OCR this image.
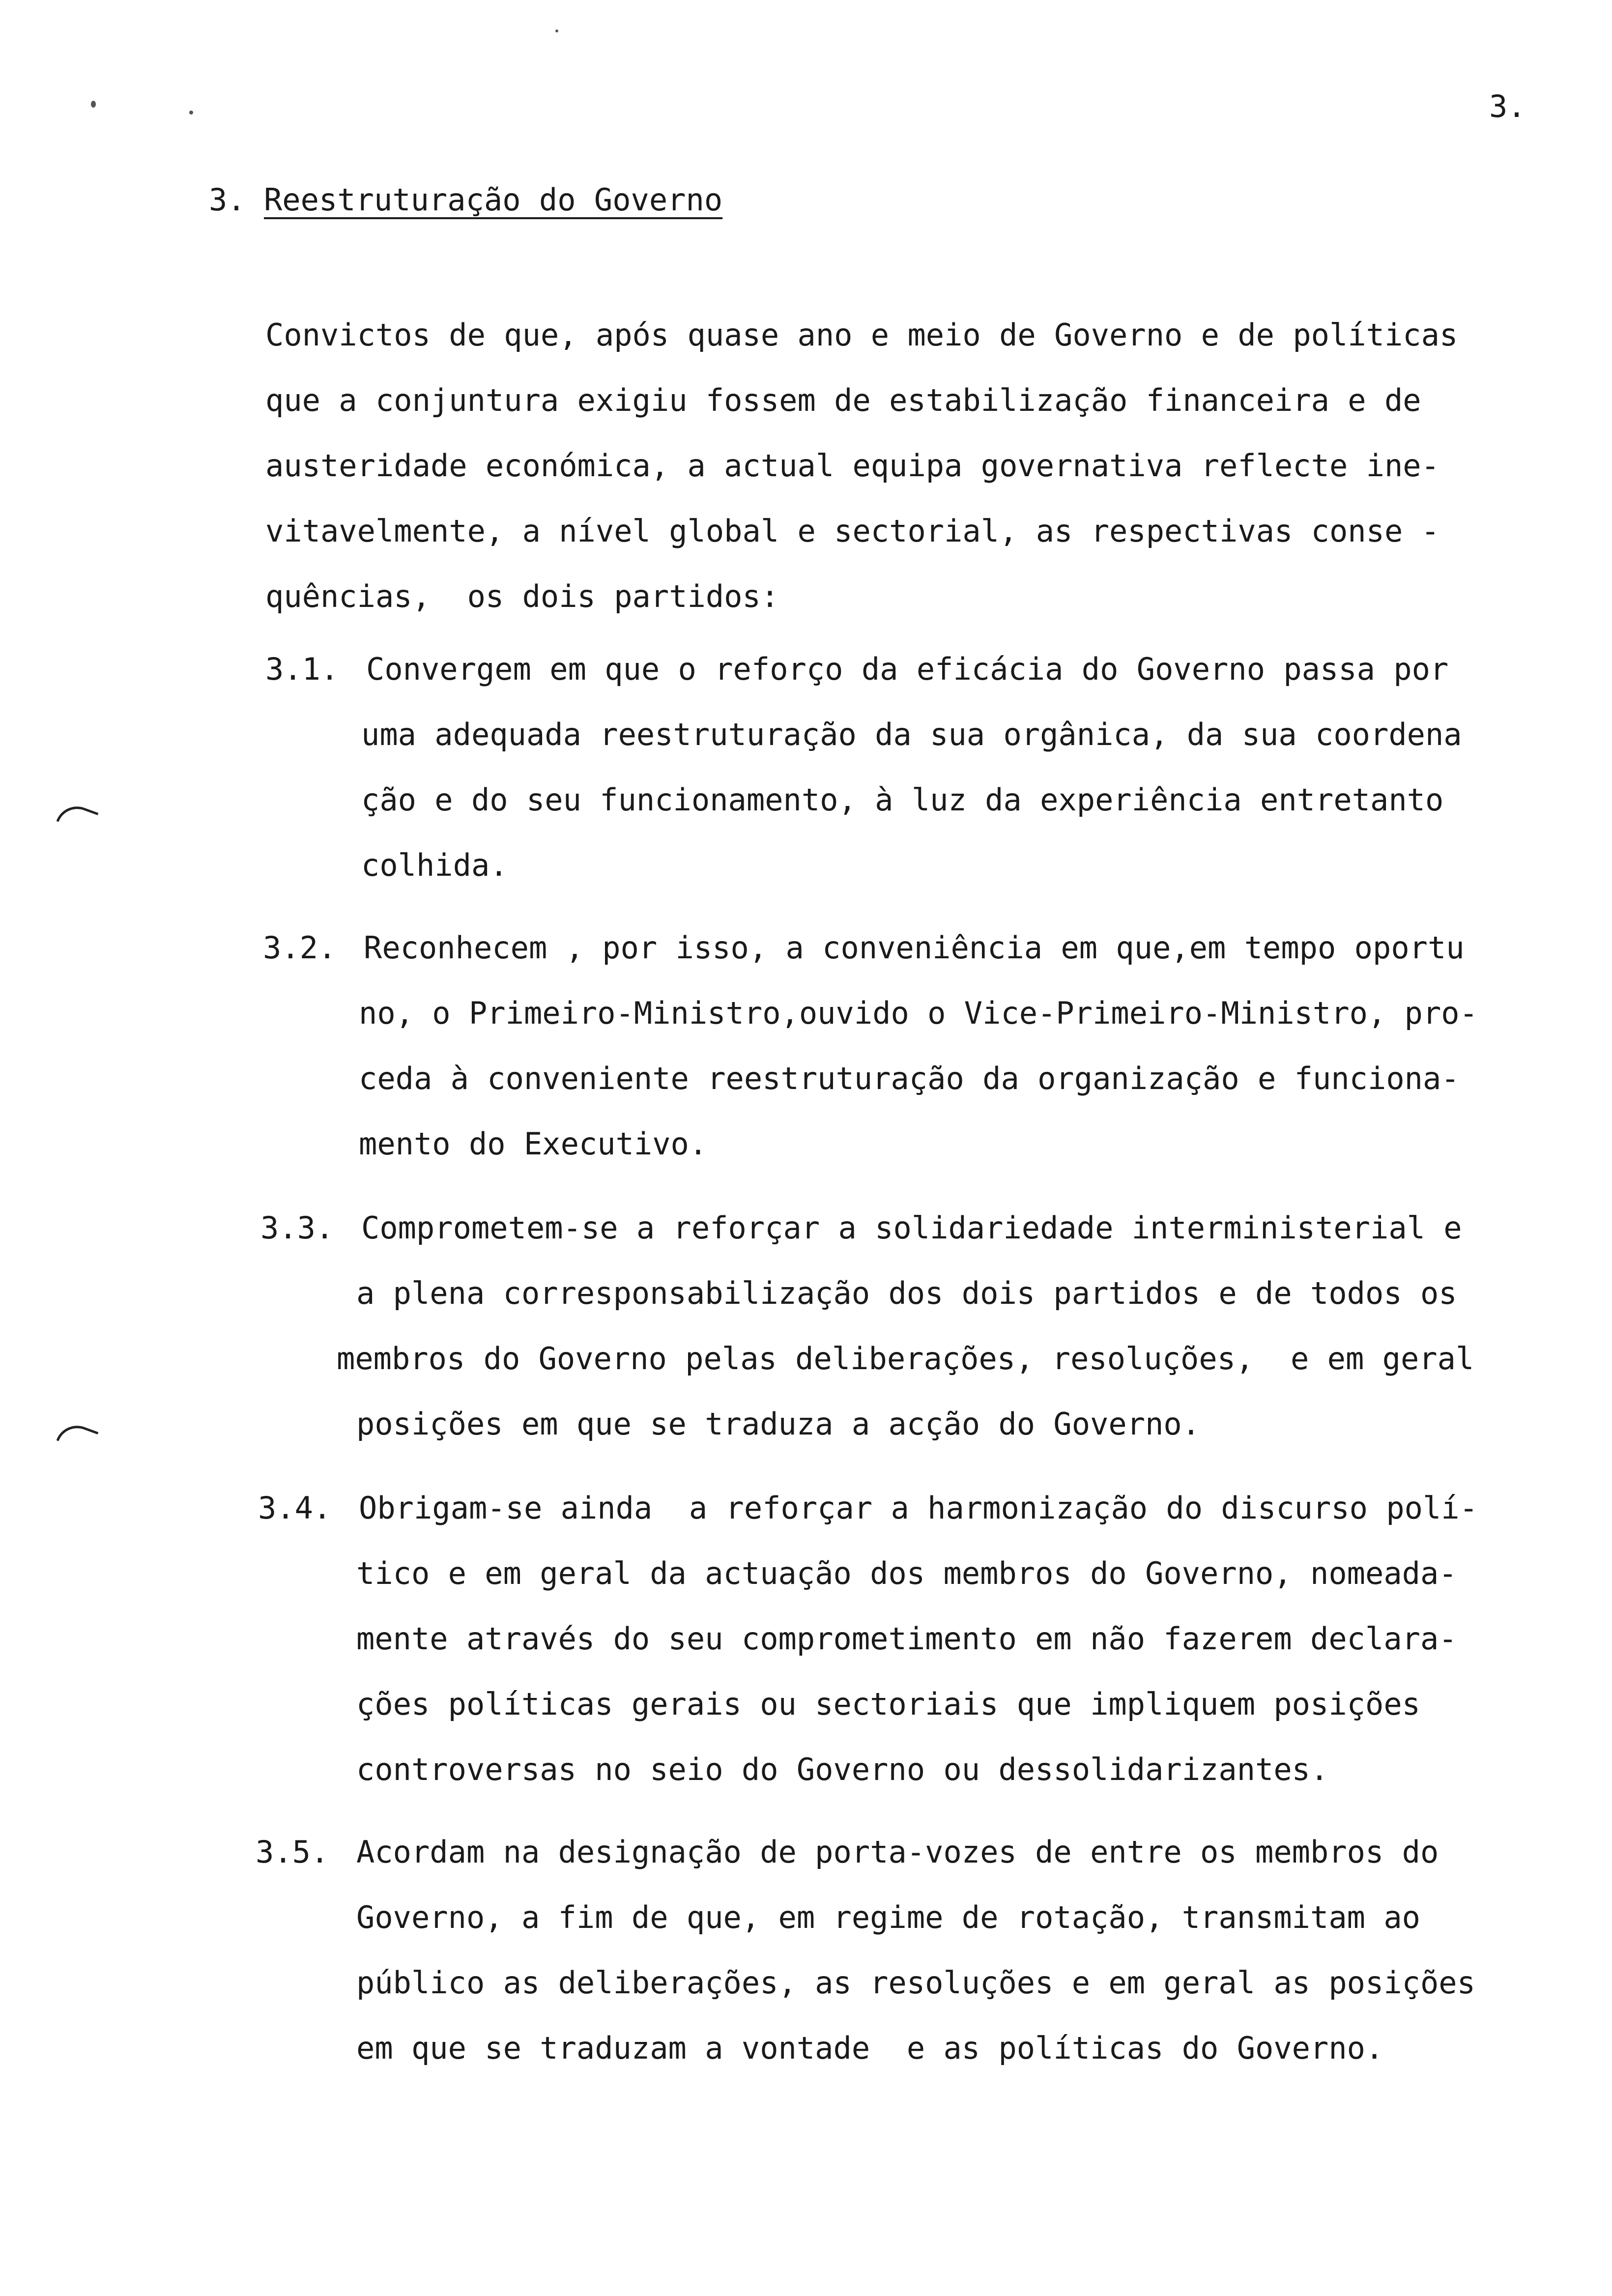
3.
3. Reestruturação do Governo
Convictos de que, após quase ano e meio de Governo e de políticas
que a conjuntura exigiu fossem de estabilização financeira e de
austeridade económica, a actual equipa governativa reflecte ine-
vitavelmente, a nível global e sectorial, as respectivas conse -
quências,  os dois partidos:
3.1. Convergem em que o reforço da eficácia do Governo passa por
uma adequada reestruturação da sua orgânica, da sua coordena
ção e do seu funcionamento, à luz da experiência entretanto
colhida.
3.2. Reconhecem , por isso, a conveniência em que,em tempo oportu
no, o Primeiro-Ministro,ouvido o Vice-Primeiro-Ministro, pro-
ceda à conveniente reestruturação da organização e funciona-
mento do Executivo.
3.3. Comprometem-se a reforçar a solidariedade interministerial e
a plena corresponsabilização dos dois partidos e de todos os
membros do Governo pelas deliberações, resoluções,  e em geral
posições em que se traduza a acção do Governo.
3.4. Obrigam-se ainda  a reforçar a harmonização do discurso polí-
tico e em geral da actuação dos membros do Governo, nomeada-
mente através do seu comprometimento em não fazerem declara-
ções políticas gerais ou sectoriais que impliquem posições
controversas no seio do Governo ou dessolidarizantes.
3.5. Acordam na designação de porta-vozes de entre os membros do
Governo, a fim de que, em regime de rotação, transmitam ao
público as deliberações, as resoluções e em geral as posições
em que se traduzam a vontade  e as políticas do Governo.
